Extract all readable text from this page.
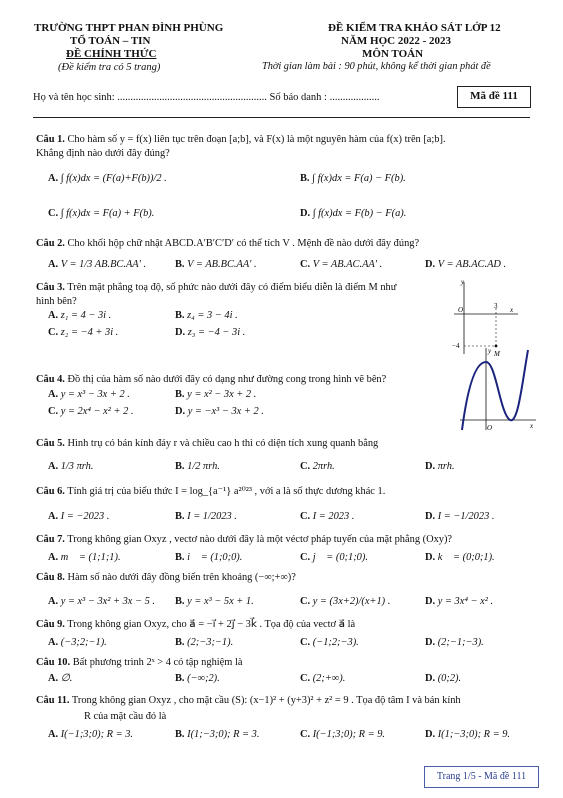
TRƯỜNG THPT PHAN ĐÌNH PHÙNG
TỔ TOÁN – TIN
ĐỀ CHÍNH THỨC
(Đề kiểm tra có 5 trang)
ĐỀ KIỂM TRA KHẢO SÁT LỚP 12
NĂM HỌC 2022 - 2023
MÔN TOÁN
Thời gian làm bài : 90 phút, không kể thời gian phát đề
Họ và tên học sinh: ......................................................... Số báo danh : ...................	Mã đề 111
Câu 1. Cho hàm số y = f(x) liên tục trên đoạn [a;b], và F(x) là một nguyên hàm của f(x) trên [a;b].
Khẳng định nào dưới đây đúng?
A. ∫ f(x)dx = (F(a)+F(b))/2 .	B. ∫ f(x)dx = F(a) − F(b).
C. ∫ f(x)dx = F(a) + F(b).	D. ∫ f(x)dx = F(b) − F(a).
Câu 2. Cho khối hộp chữ nhật ABCD.A′B′C′D′ có thể tích V . Mệnh đề nào dưới đây đúng?
A. V = 1/3 AB.BC.AA′ .	B. V = AB.BC.AA′ .	C. V = AB.AC.AA′ .	D. V = AB.AC.AD .
Câu 3. Trên mặt phẳng toạ độ, số phức nào dưới đây có điểm biểu diễn là điểm M như
hình bên?
A. z₁ = 4 − 3i .	B. z₄ = 3 − 4i .
C. z₂ = −4 + 3i .	D. z₃ = −4 − 3i .
y
O	3 x
−4
M
Câu 4. Đồ thị của hàm số nào dưới đây có dạng như đường cong trong hình vẽ bên?
A. y = x³ − 3x + 2 .	B. y = x² − 3x + 2 .
C. y = 2x⁴ − x² + 2 .	D. y = −x³ − 3x + 2 .
y
O	x
Câu 5. Hình trụ có bán kính đáy r và chiều cao h thì có diện tích xung quanh bằng
A. 1/3 πrh.	B. 1/2 πrh.	C. 2πrh.	D. πrh.
Câu 6. Tính giá trị của biểu thức I = log_{a⁻¹} a²⁰²³ , với a là số thực dương khác 1.
A. I = −2023 .	B. I = 1/2023 .	C. I = 2023 .	D. I = −1/2023 .
Câu 7. Trong không gian Oxyz , vectơ nào dưới đây là một véctơ pháp tuyến của mặt phẳng (Oxy)?
A. m⃗ = (1;1;1).	B. i⃗ = (1;0;0).	C. j⃗ = (0;1;0).	D. k⃗ = (0;0;1).
Câu 8. Hàm số nào dưới đây đồng biến trên khoảng (−∞;+∞)?
A. y = x³ − 3x² + 3x − 5 . B. y = x³ − 5x + 1.	C. y = (3x+2)/(x+1) .	D. y = 3x⁴ − x² .
Câu 9. Trong không gian Oxyz, cho a⃗ = −i⃗ + 2j⃗ − 3k⃗ . Tọa độ của vectơ a⃗ là
A. (−3;2;−1).	B. (2;−3;−1).	C. (−1;2;−3).	D. (2;−1;−3).
Câu 10. Bất phương trình 2ˣ > 4 có tập nghiệm là
A. ∅.	B. (−∞;2).	C. (2;+∞).	D. (0;2).
Câu 11. Trong không gian Oxyz , cho mặt cầu (S): (x−1)² + (y+3)² + z² = 9 . Tọa độ tâm I và bán kính
R của mặt cầu đó là
A. I(−1;3;0); R = 3.	B. I(1;−3;0); R = 3.	C. I(−1;3;0); R = 9.	D. I(1;−3;0); R = 9.
Trang 1/5 - Mã đề 111
